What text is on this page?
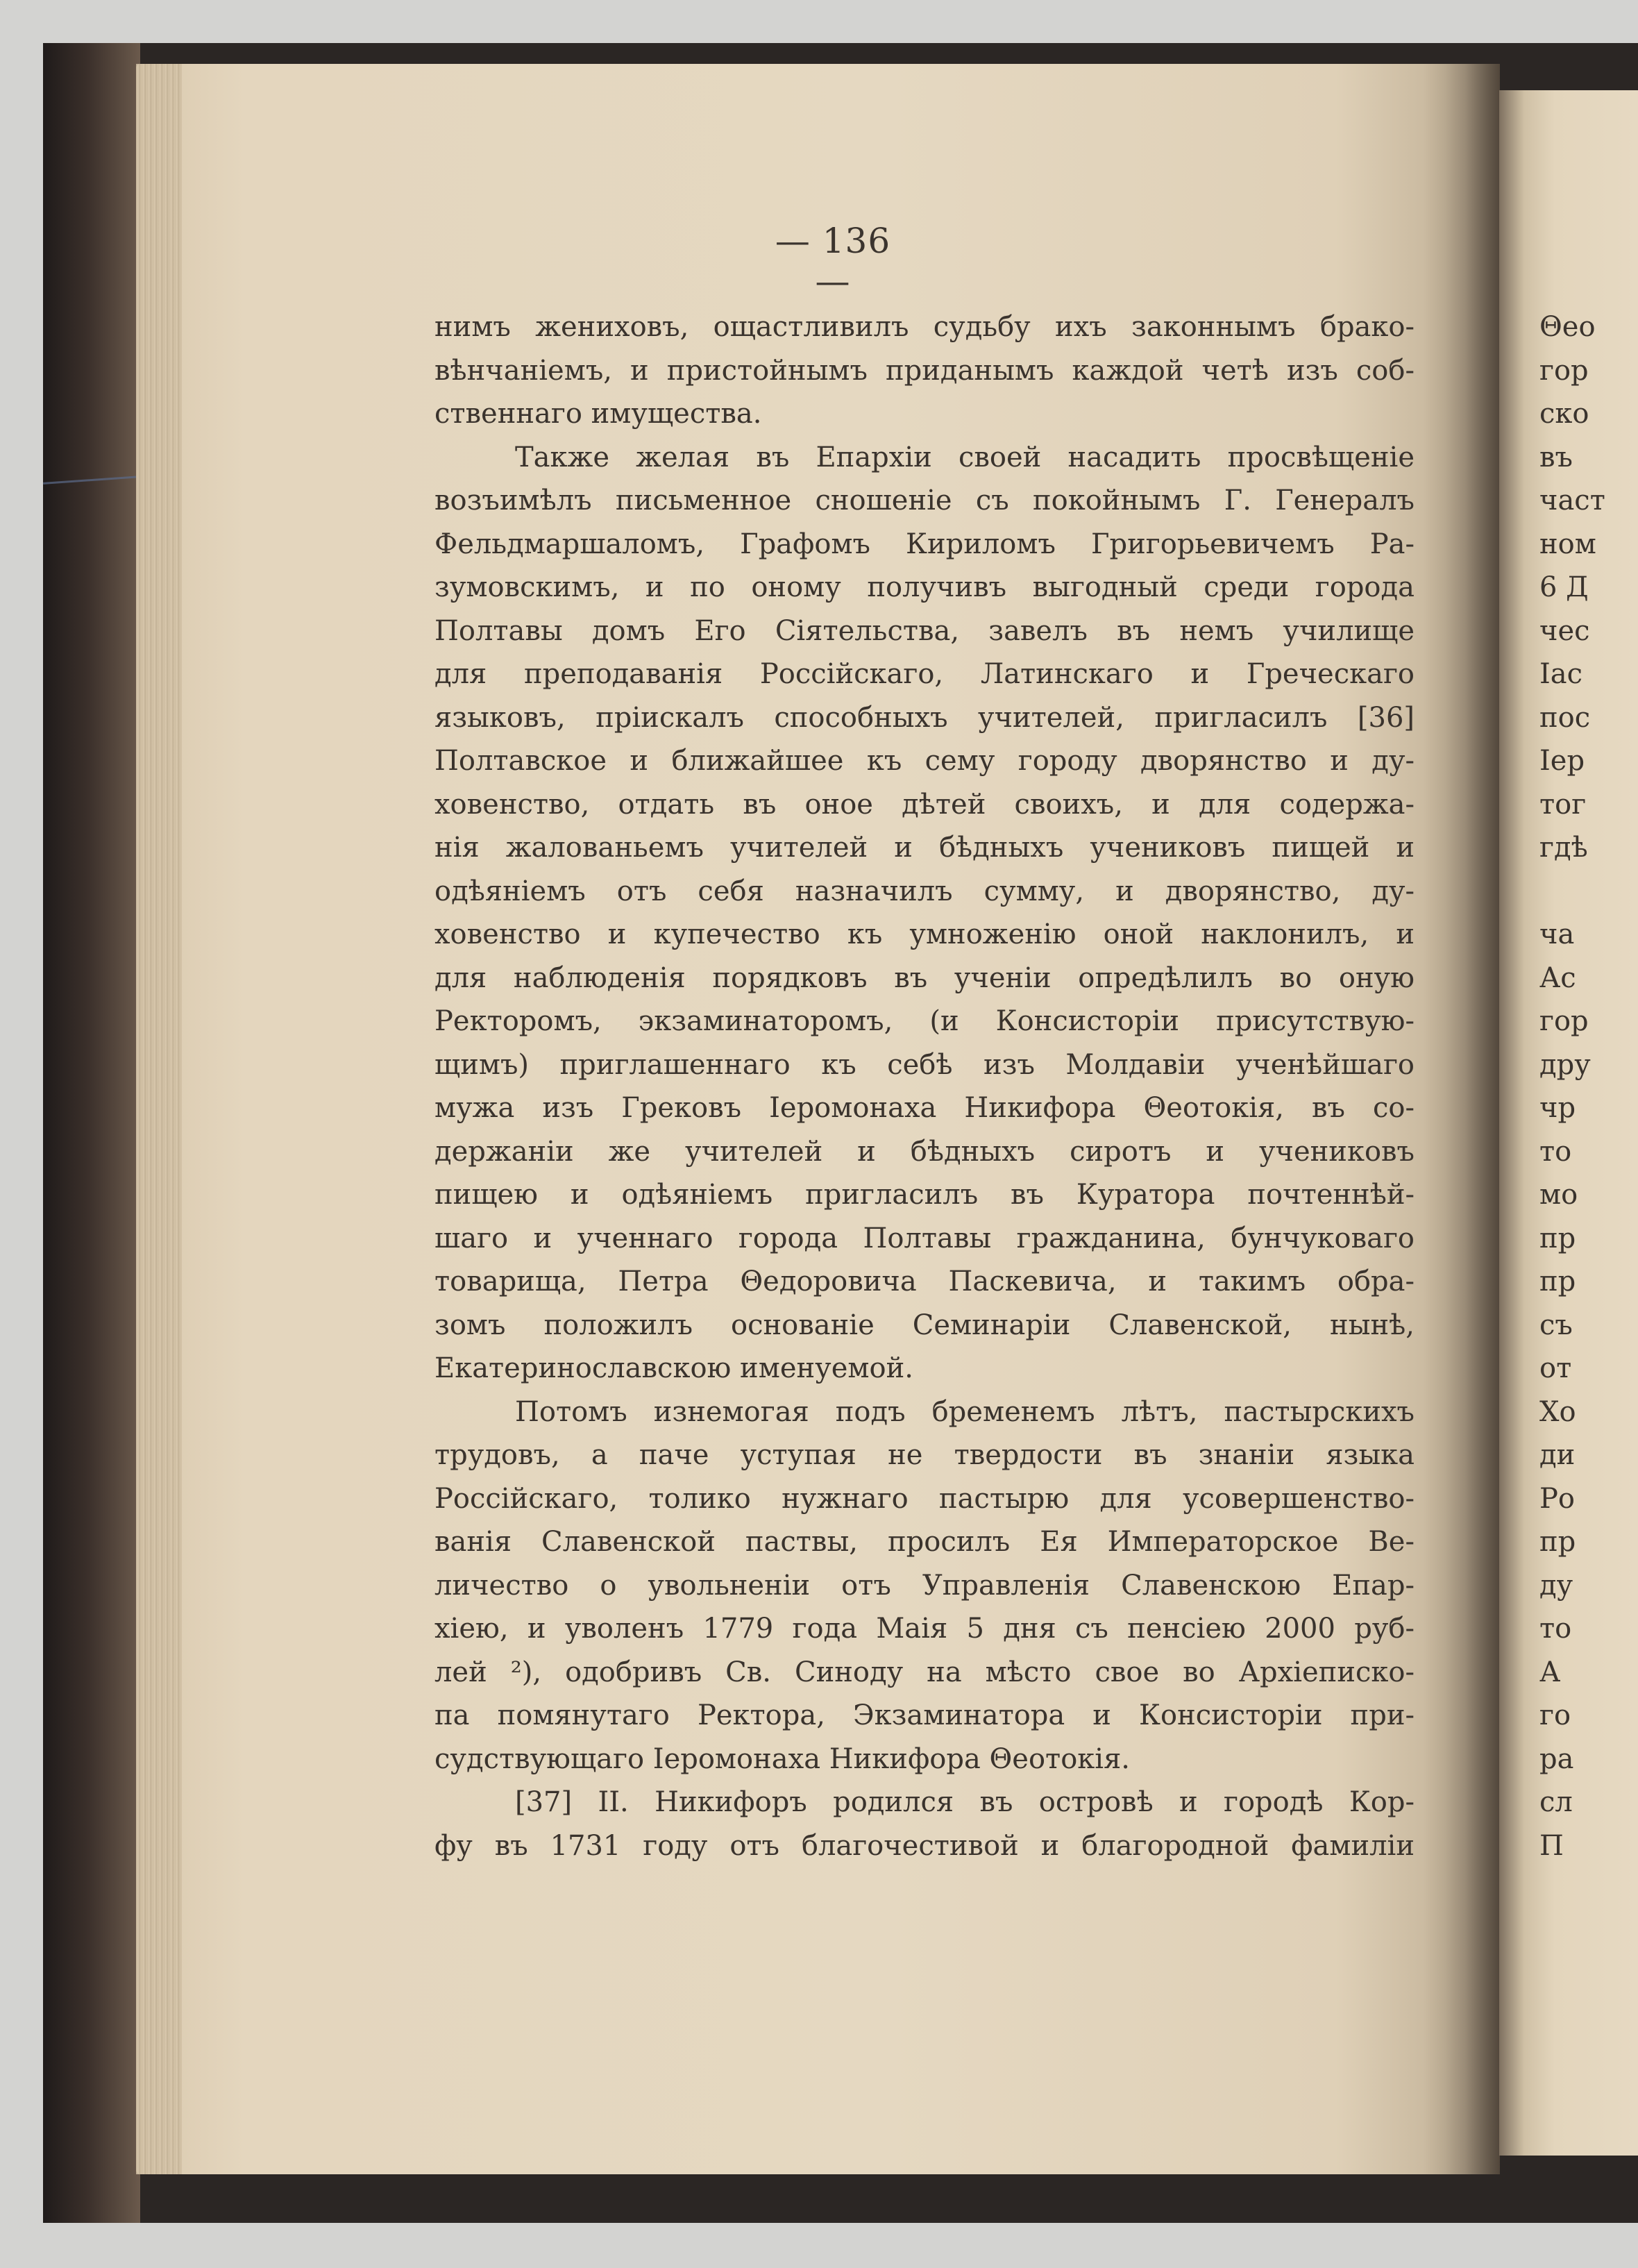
— 136 —
нимъ жениховъ, ощастливилъ судьбу ихъ законнымъ брако-
вѣнчаніемъ, и пристойнымъ приданымъ каждой четѣ изъ соб-
ственнаго имущества.
Также желая въ Епархіи своей насадить просвѣщеніе
возъимѣлъ письменное сношеніе съ покойнымъ Г. Генералъ
Фельдмаршаломъ, Графомъ Кириломъ Григорьевичемъ Ра-
зумовскимъ, и по оному получивъ выгодный среди города
Полтавы домъ Его Сіятельства, завелъ въ немъ училище
для преподаванія Россійскаго, Латинскаго и Греческаго
языковъ, пріискалъ способныхъ учителей, пригласилъ [36]
Полтавское и ближайшее къ сему городу дворянство и ду-
ховенство, отдать въ оное дѣтей своихъ, и для содержа-
нія жалованьемъ учителей и бѣдныхъ учениковъ пищей и
одѣяніемъ отъ себя назначилъ сумму, и дворянство, ду-
ховенство и купечество къ умноженію оной наклонилъ, и
для наблюденія порядковъ въ ученіи опредѣлилъ во оную
Ректоромъ, экзаминаторомъ, (и Консисторіи присутствую-
щимъ) приглашеннаго къ себѣ изъ Молдавіи ученѣйшаго
мужа изъ Грековъ Іеромонаха Никифора Θеотокія, въ со-
держаніи же учителей и бѣдныхъ сиротъ и учениковъ
пищею и одѣяніемъ пригласилъ въ Куратора почтеннѣй-
шаго и ученнаго города Полтавы гражданина, бунчуковаго
товарища, Петра Θедоровича Паскевича, и такимъ обра-
зомъ положилъ основаніе Семинаріи Славенской, нынѣ,
Екатеринославскою именуемой.
Потомъ изнемогая подъ бременемъ лѣтъ, пастырскихъ
трудовъ, а паче уступая не твердости въ знаніи языка
Россійскаго, толико нужнаго пастырю для усовершенство-
ванія Славенской паствы, просилъ Ея Императорское Ве-
личество о увольненіи отъ Управленія Славенскою Епар-
хіею, и уволенъ 1779 года Маія 5 дня съ пенсіею 2000 руб-
лей ²), одобривъ Св. Синоду на мѣсто свое во Архіеписко-
па помянутаго Ректора, Экзаминатора и Консисторіи при-
судствующаго Іеромонаха Никифора Θеотокія.
[37] II. Никифоръ родился въ островѣ и городѣ Кор-
фу въ 1731 году отъ благочестивой и благородной фамиліи
Θео
гор
ско
въ
част
ном
6 Д
чес
Іас
пос
Іер
тог
гдѣ
ча
Ас
гор
дру
чр
то
мо
пр
пр
съ
от
Хо
ди
Ро
пр
ду
то
А
го
ра
сл
П
